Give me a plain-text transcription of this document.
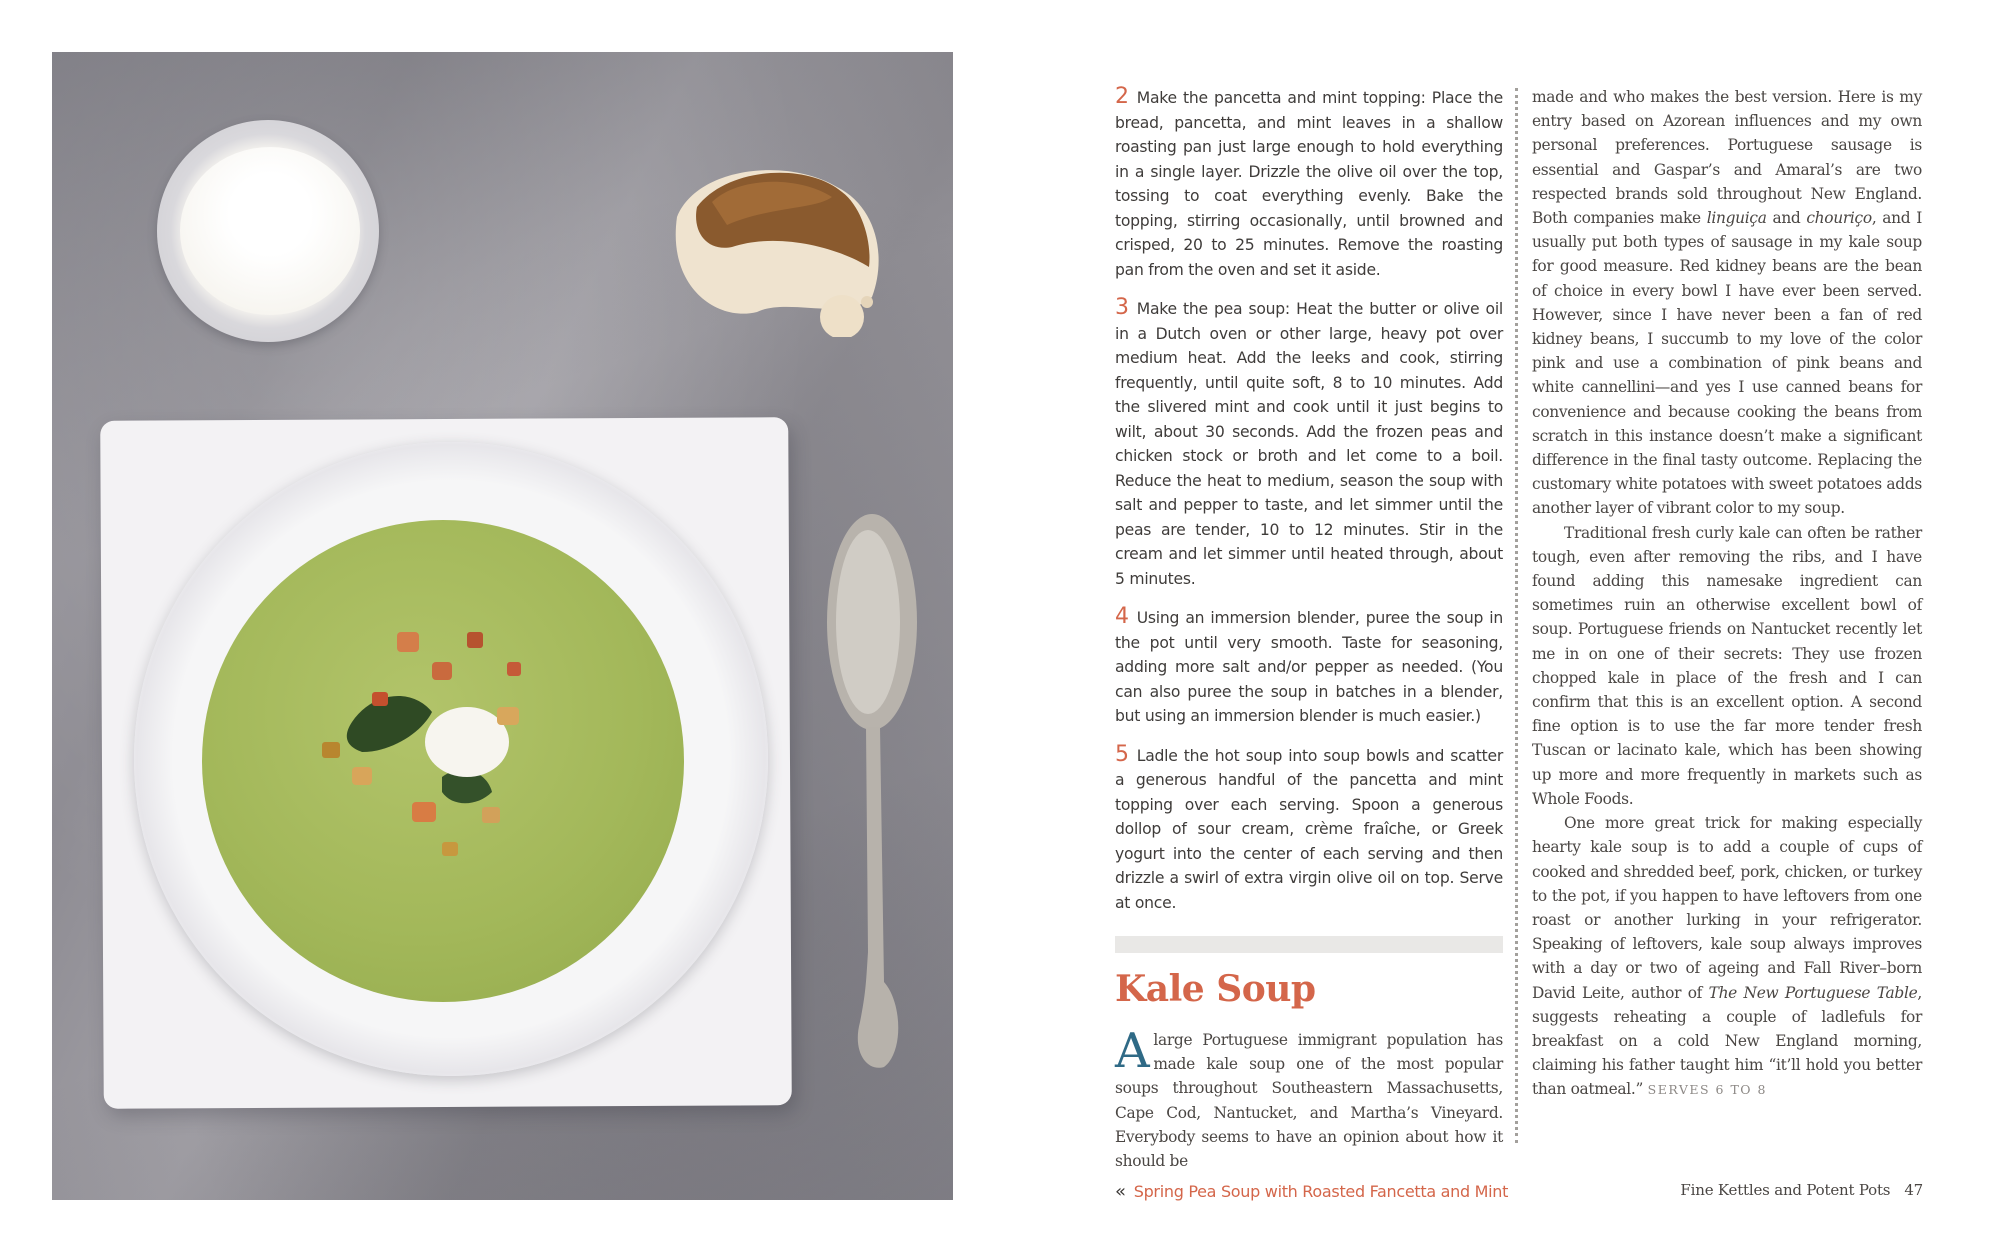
2 Make the pancetta and mint topping: Place the bread, pancetta, and mint leaves in a shallow roasting pan just large enough to hold everything in a single layer. Drizzle the olive oil over the top, tossing to coat everything evenly. Bake the topping, stirring occasionally, until browned and crisped, 20 to 25 minutes. Remove the roasting pan from the oven and set it aside.

3 Make the pea soup: Heat the butter or olive oil in a Dutch oven or other large, heavy pot over medium heat. Add the leeks and cook, stirring frequently, until quite soft, 8 to 10 minutes. Add the slivered mint and cook until it just begins to wilt, about 30 seconds. Add the frozen peas and chicken stock or broth and let come to a boil. Reduce the heat to medium, season the soup with salt and pepper to taste, and let simmer until the peas are tender, 10 to 12 minutes. Stir in the cream and let simmer until heated through, about 5 minutes.

4 Using an immersion blender, puree the soup in the pot until very smooth. Taste for seasoning, adding more salt and/or pepper as needed. (You can also puree the soup in batches in a blender, but using an immersion blender is much easier.)

5 Ladle the hot soup into soup bowls and scatter a generous handful of the pancetta and mint topping over each serving. Spoon a generous dollop of sour cream, crème fraîche, or Greek yogurt into the center of each serving and then drizzle a swirl of extra virgin olive oil on top. Serve at once.

Kale Soup
Alarge Portuguese immigrant population has made kale soup one of the most popular soups throughout Southeastern Massachusetts, Cape Cod, Nantucket, and Martha’s Vineyard. Everybody seems to have an opinion about how it should be

made and who makes the best version. Here is my entry based on Azorean influences and my own personal preferences. Portuguese sausage is essential and Gaspar’s and Amaral’s are two respected brands sold throughout New England. Both companies make linguiça and chouriço, and I usually put both types of sausage in my kale soup for good measure. Red kidney beans are the bean of choice in every bowl I have ever been served. However, since I have never been a fan of red kidney beans, I succumb to my love of the color pink and use a combination of pink beans and white cannellini—and yes I use canned beans for convenience and because cooking the beans from scratch in this instance doesn’t make a significant difference in the final tasty outcome. Replacing the customary white potatoes with sweet potatoes adds another layer of vibrant color to my soup.

Traditional fresh curly kale can often be rather tough, even after removing the ribs, and I have found adding this namesake ingredient can sometimes ruin an otherwise excellent bowl of soup. Portuguese friends on Nantucket recently let me in on one of their secrets: They use frozen chopped kale in place of the fresh and I can confirm that this is an excellent option. A second fine option is to use the far more tender fresh Tuscan or lacinato kale, which has been showing up more and more frequently in markets such as Whole Foods.

One more great trick for making especially hearty kale soup is to add a couple of cups of cooked and shredded beef, pork, chicken, or turkey to the pot, if you happen to have leftovers from one roast or another lurking in your refrigerator. Speaking of leftovers, kale soup always improves with a day or two of ageing and Fall River–born David Leite, author of The New Portuguese Table, suggests reheating a couple of ladlefuls for breakfast on a cold New England morning, claiming his father taught him “it’ll hold you better than oatmeal.” SERVES 6 TO 8

« Spring Pea Soup with Roasted Fancetta and Mint	Fine Kettles and Potent Pots 47
